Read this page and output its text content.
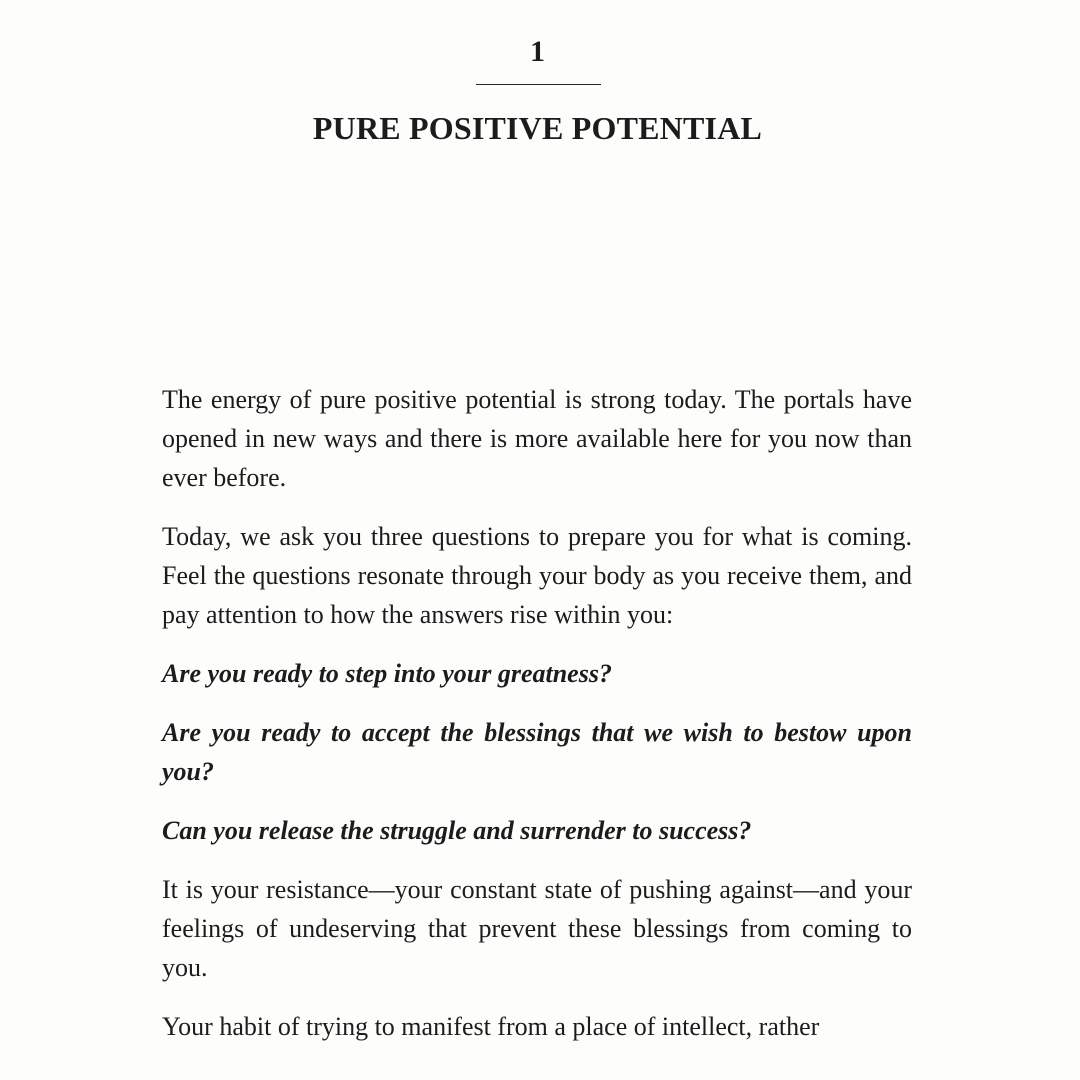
1
PURE POSITIVE POTENTIAL

The energy of pure positive potential is strong today. The portals have opened in new ways and there is more available here for you now than ever before.

Today, we ask you three questions to prepare you for what is coming. Feel the questions resonate through your body as you receive them, and pay attention to how the answers rise within you:

Are you ready to step into your greatness?

Are you ready to accept the blessings that we wish to bestow upon you?

Can you release the struggle and surrender to success?

It is your resistance—your constant state of pushing against—and your feelings of undeserving that prevent these blessings from coming to you.

Your habit of trying to manifest from a place of intellect, rather
